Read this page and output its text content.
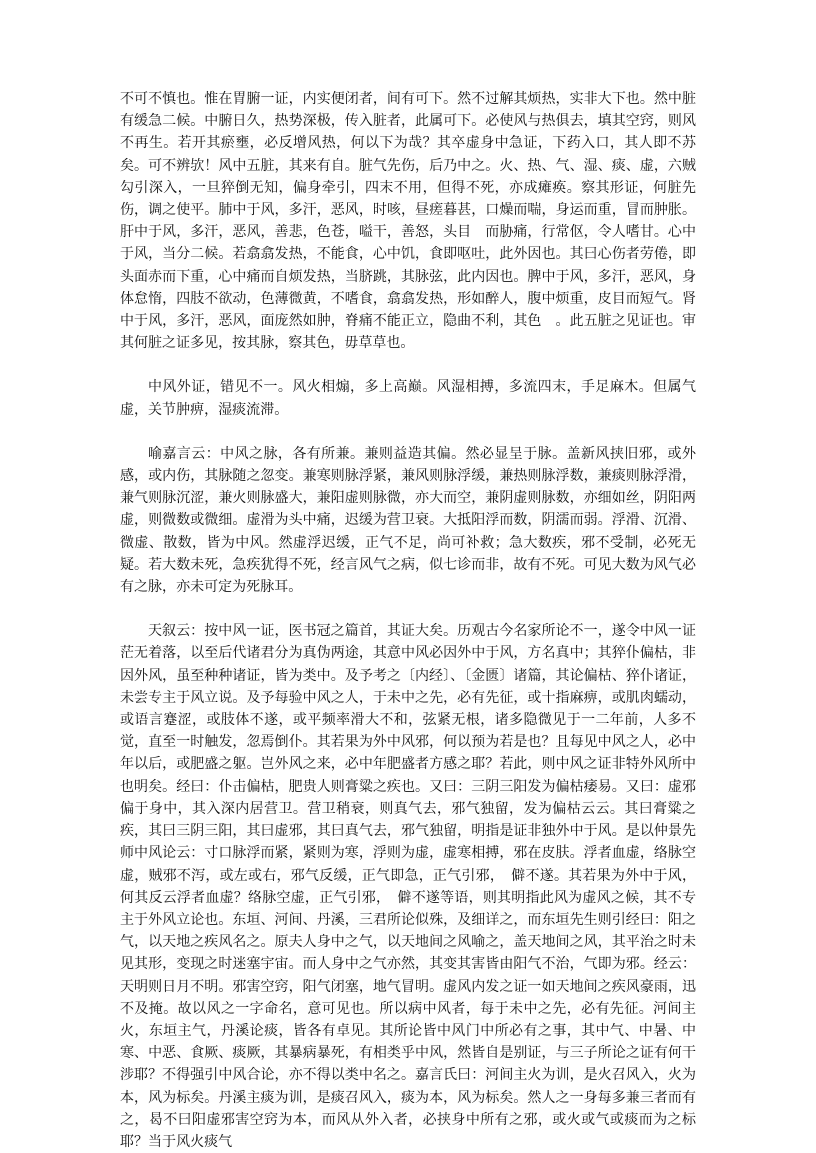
不可不慎也。惟在胃腑一证，内实便闭者，间有可下。然不过解其烦热，实非大下也。然中脏有缓急二候。中腑日久，热势深极，传入脏者，此属可下。必使风与热俱去，填其空窍，则风不再生。若开其瘀壅，必反增风热，何以下为哉？其卒虚身中急证，下药入口，其人即不苏矣。可不辨欤！风中五脏，其来有自。脏气先伤，后乃中之。火、热、气、湿、痰、虚，六贼勾引深入，一旦猝倒无知，偏身牵引，四末不用，但得不死，亦成瘫痪。察其形证，何脏先伤，调之使平。肺中于风，多汗，恶风，时咳，昼瘥暮甚，口燥而喘，身运而重，冒而肿胀。肝中于风，多汗，恶风，善悲，色苍，嗌干，善怒，头目　而胁痛，行常伛，令人嗜甘。心中于风，当分二候。若翕翕发热，不能食，心中饥，食即呕吐，此外因也。其曰心伤者劳倦，即头面赤而下重，心中痛而自烦发热，当脐跳，其脉弦，此内因也。脾中于风，多汗，恶风，身体怠惰，四肢不欲动，色薄微黄，不嗜食，翕翕发热，形如醉人，腹中烦重，皮目而短气。肾中于风，多汗，恶风，面庞然如肿，脊痛不能正立，隐曲不利，其色　。此五脏之见证也。审其何脏之证多见，按其脉，察其色，毋草草也。

中风外证，错见不一。风火相煽，多上高巅。风湿相搏，多流四末，手足麻木。但属气虚，关节肿痹，湿痰流滞。

喻嘉言云：中风之脉，各有所兼。兼则益造其偏。然必显呈于脉。盖新风挟旧邪，或外感，或内伤，其脉随之忽变。兼寒则脉浮紧，兼风则脉浮缓，兼热则脉浮数，兼痰则脉浮滑，兼气则脉沉涩，兼火则脉盛大，兼阳虚则脉微，亦大而空，兼阴虚则脉数，亦细如丝，阴阳两虚，则微数或微细。虚滑为头中痛，迟缓为营卫衰。大抵阳浮而数，阴濡而弱。浮滑、沉滑、微虚、散数，皆为中风。然虚浮迟缓，正气不足，尚可补救；急大数疾，邪不受制，必死无疑。若大数未死，急疾犹得不死，经言风气之病，似七诊而非，故有不死。可见大数为风气必有之脉，亦未可定为死脉耳。

天叙云：按中风一证，医书冠之篇首，其证大矣。历观古今名家所论不一，遂令中风一证茫无着落，以至后代诸君分为真伪两途，其意中风必因外中于风，方名真中；其猝仆偏枯，非因外风，虽至种种诸证，皆为类中。及予考之〔内经〕、〔金匮〕诸篇，其论偏枯、猝仆诸证，未尝专主于风立说。及予每验中风之人，于未中之先，必有先征，或十指麻痹，或肌肉蠕动，或语言蹇涩，或肢体不遂，或平频率滑大不和，弦紧无根，诸多隐微见于一二年前，人多不觉，直至一时触发，忽焉倒仆。其若果为外中风邪，何以预为若是也？且每见中风之人，必中年以后，或肥盛之躯。岂外风之来，必中年肥盛者方感之耶？若此，则中风之证非特外风所中也明矣。经曰：仆击偏枯，肥贵人则膏粱之疾也。又曰：三阴三阳发为偏枯痿易。又曰：虚邪偏于身中，其入深内居营卫。营卫稍衰，则真气去，邪气独留，发为偏枯云云。其曰膏粱之疾，其曰三阴三阳，其曰虚邪，其曰真气去，邪气独留，明指是证非独外中于风。是以仲景先师中风论云：寸口脉浮而紧，紧则为寒，浮则为虚，虚寒相搏，邪在皮肤。浮者血虚，络脉空虚，贼邪不泻，或左或右，邪气反缓，正气即急，正气引邪，　僻不遂。其若果为外中于风，何其反云浮者血虚？络脉空虚，正气引邪，　僻不遂等语，则其明指此风为虚风之候，其不专主于外风立论也。东垣、河间、丹溪，三君所论似殊，及细详之，而东垣先生则引经曰：阳之气，以天地之疾风名之。原夫人身中之气，以天地间之风喻之，盖天地间之风，其平治之时未见其形，变现之时迷塞宇宙。而人身中之气亦然，其变其害皆由阳气不治，气即为邪。经云：天明则日月不明。邪害空窍，阳气闭塞，地气冒明。虚风内发之证一如天地间之疾风豪雨，迅不及掩。故以风之一字命名，意可见也。所以病中风者，每于未中之先，必有先征。河间主火，东垣主气，丹溪论痰，皆各有卓见。其所论皆中风门中所必有之事，其中气、中暑、中寒、中恶、食厥、痰厥，其暴病暴死，有相类乎中风，然皆自是别证，与三子所论之证有何干涉耶？不得强引中风合论，亦不得以类中名之。嘉言氏曰：河间主火为训，是火召风入，火为本，风为标矣。丹溪主痰为训，是痰召风入，痰为本，风为标矣。然人之一身每多兼三者而有之，曷不曰阳虚邪害空窍为本，而风从外入者，必挟身中所有之邪，或火或气或痰而为之标耶？当于风火痰气
